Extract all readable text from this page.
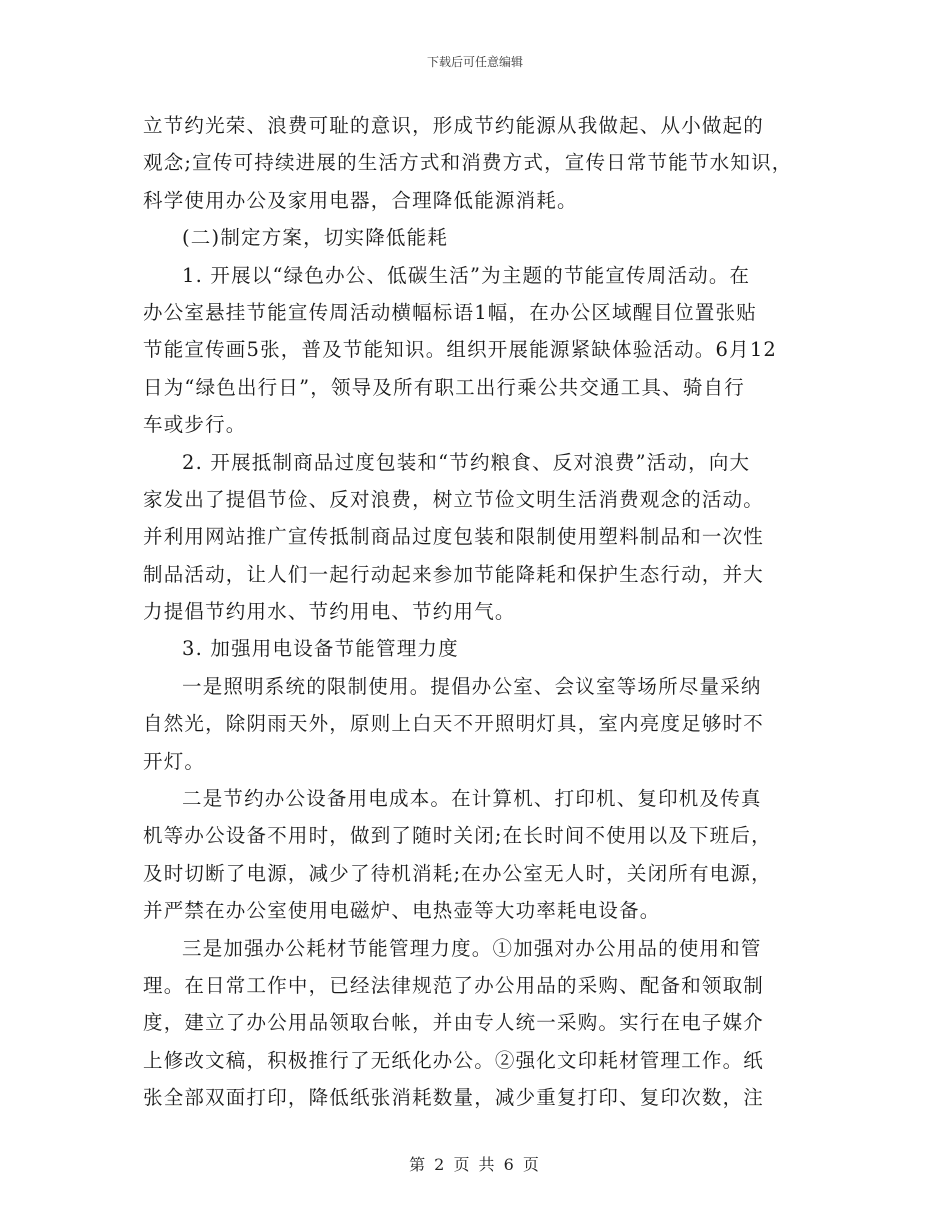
下载后可任意编辑
立节约光荣、浪费可耻的意识，形成节约能源从我做起、从小做起的
观念;宣传可持续进展的生活方式和消费方式，宣传日常节能节水知识，
科学使用办公及家用电器，合理降低能源消耗。
(二)制定方案，切实降低能耗
1. 开展以“绿色办公、低碳生活”为主题的节能宣传周活动。在
办公室悬挂节能宣传周活动横幅标语1幅，在办公区域醒目位置张贴
节能宣传画5张，普及节能知识。组织开展能源紧缺体验活动。6月12
日为“绿色出行日”，领导及所有职工出行乘公共交通工具、骑自行
车或步行。
2. 开展抵制商品过度包装和“节约粮食、反对浪费”活动，向大
家发出了提倡节俭、反对浪费，树立节俭文明生活消费观念的活动。
并利用网站推广宣传抵制商品过度包装和限制使用塑料制品和一次性
制品活动，让人们一起行动起来参加节能降耗和保护生态行动，并大
力提倡节约用水、节约用电、节约用气。
3. 加强用电设备节能管理力度
一是照明系统的限制使用。提倡办公室、会议室等场所尽量采纳
自然光，除阴雨天外，原则上白天不开照明灯具，室内亮度足够时不
开灯。
二是节约办公设备用电成本。在计算机、打印机、复印机及传真
机等办公设备不用时，做到了随时关闭;在长时间不使用以及下班后，
及时切断了电源，减少了待机消耗;在办公室无人时，关闭所有电源，
并严禁在办公室使用电磁炉、电热壶等大功率耗电设备。
三是加强办公耗材节能管理力度。①加强对办公用品的使用和管
理。在日常工作中，已经法律规范了办公用品的采购、配备和领取制
度，建立了办公用品领取台帐，并由专人统一采购。实行在电子媒介
上修改文稿，积极推行了无纸化办公。②强化文印耗材管理工作。纸
张全部双面打印，降低纸张消耗数量，减少重复打印、复印次数，注
第 2 页 共 6 页
